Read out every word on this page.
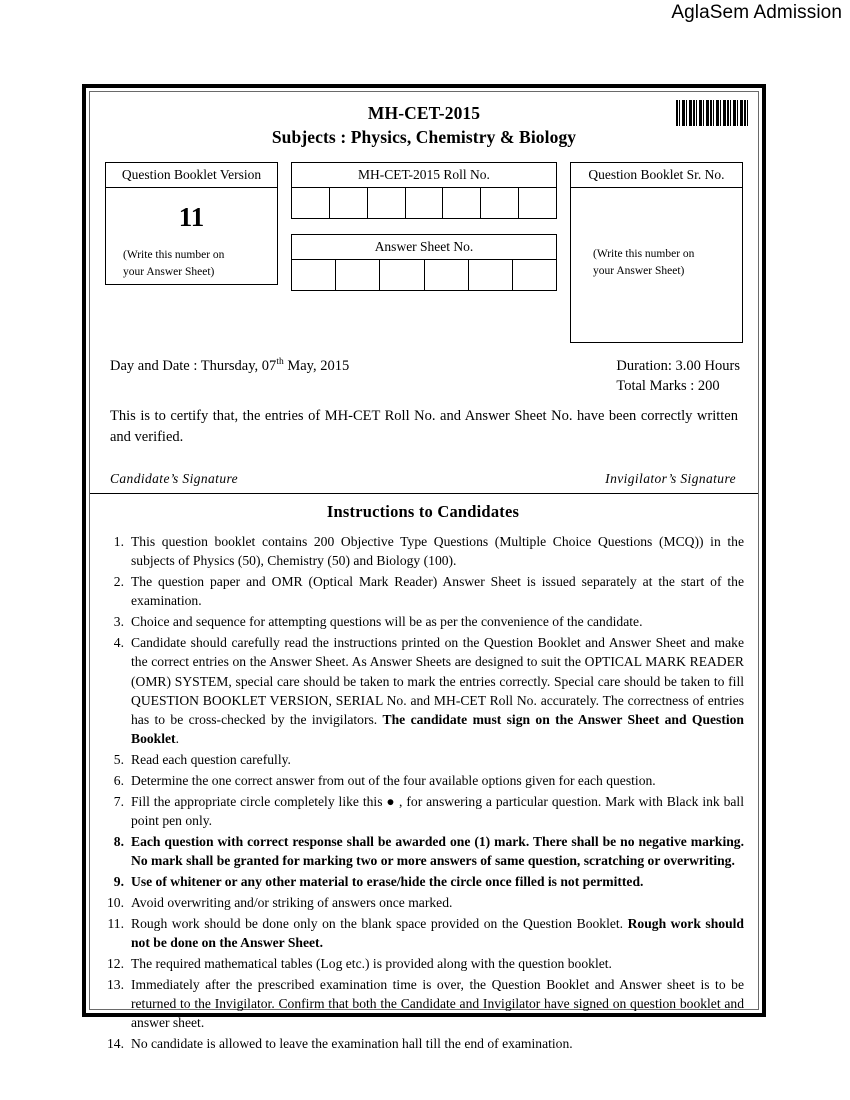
AglaSem Admission
MH-CET-2015
Subjects : Physics, Chemistry & Biology
Question Booklet Version
11
(Write this number on
your Answer Sheet)
MH-CET-2015 Roll No.
Answer Sheet No.
Question Booklet Sr. No.
(Write this number on
your Answer Sheet)
Day and Date : Thursday, 07th May, 2015	Duration: 3.00 Hours
Total Marks : 200
This is to certify that, the entries of MH-CET Roll No. and Answer Sheet No. have been correctly written and verified.
Candidate’s Signature	Invigilator’s Signature
Instructions to Candidates
1. This question booklet contains 200 Objective Type Questions (Multiple Choice Questions (MCQ)) in the subjects of Physics (50), Chemistry (50) and Biology (100).
2. The question paper and OMR (Optical Mark Reader) Answer Sheet is issued separately at the start of the examination.
3. Choice and sequence for attempting questions will be as per the convenience of the candidate.
4. Candidate should carefully read the instructions printed on the Question Booklet and Answer Sheet and make the correct entries on the Answer Sheet. As Answer Sheets are designed to suit the OPTICAL MARK READER (OMR) SYSTEM, special care should be taken to mark the entries correctly. Special care should be taken to fill QUESTION BOOKLET VERSION, SERIAL No. and MH-CET Roll No. accurately. The correctness of entries has to be cross-checked by the invigilators. The candidate must sign on the Answer Sheet and Question Booklet.
5. Read each question carefully.
6. Determine the one correct answer from out of the four available options given for each question.
7. Fill the appropriate circle completely like this ● , for answering a particular question. Mark with Black ink ball point pen only.
8. Each question with correct response shall be awarded one (1) mark. There shall be no negative marking. No mark shall be granted for marking two or more answers of same question, scratching or overwriting.
9. Use of whitener or any other material to erase/hide the circle once filled is not permitted.
10. Avoid overwriting and/or striking of answers once marked.
11. Rough work should be done only on the blank space provided on the Question Booklet. Rough work should not be done on the Answer Sheet.
12. The required mathematical tables (Log etc.) is provided along with the question booklet.
13. Immediately after the prescribed examination time is over, the Question Booklet and Answer sheet is to be returned to the Invigilator. Confirm that both the Candidate and Invigilator have signed on question booklet and answer sheet.
14. No candidate is allowed to leave the examination hall till the end of examination.
